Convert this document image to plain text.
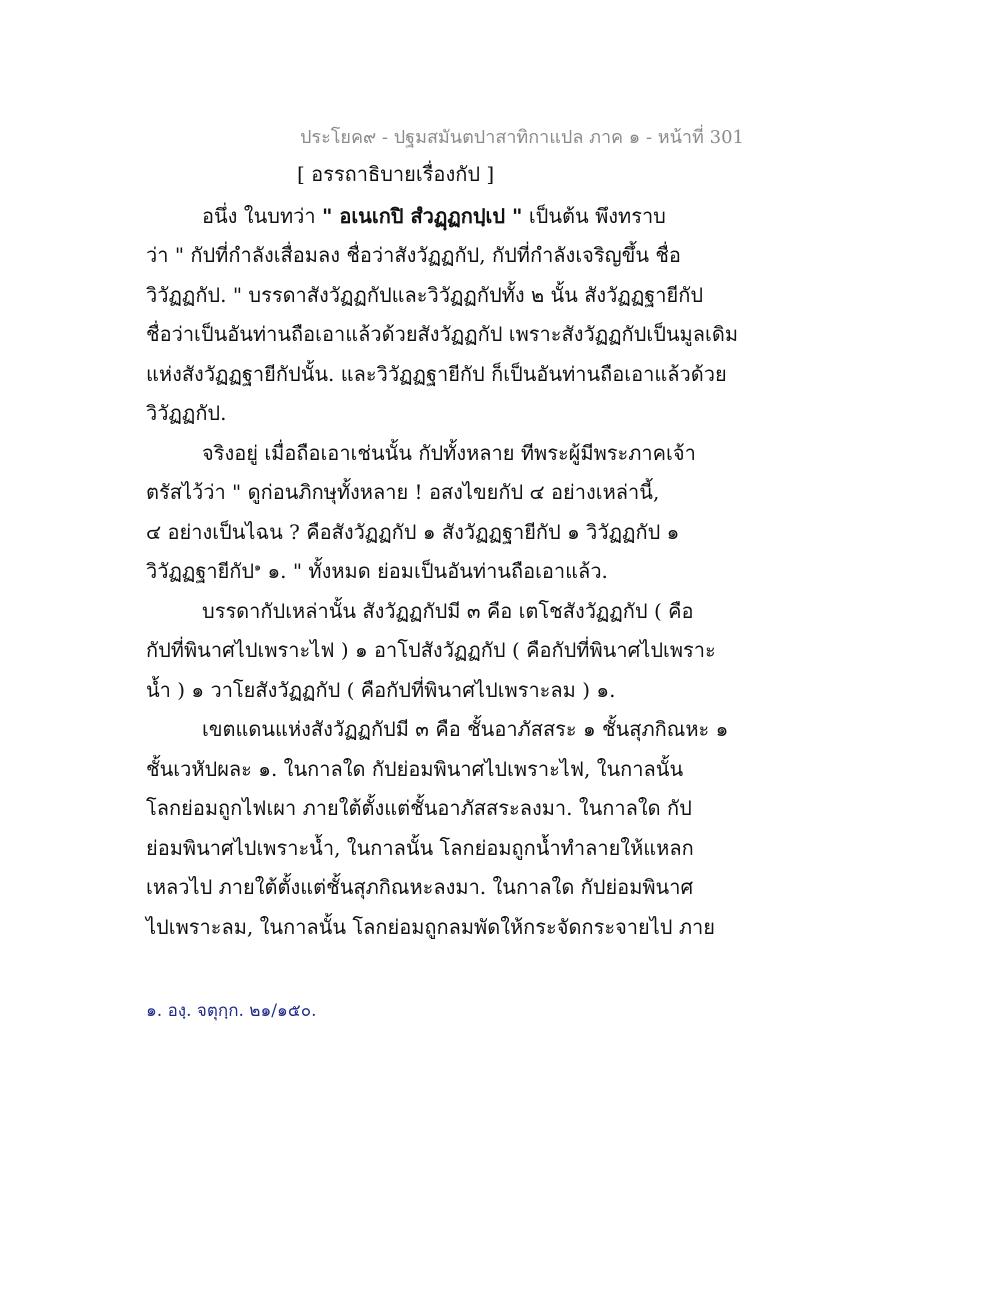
ประโยค๙ - ปฐมสมันตปาสาทิกาแปล ภาค ๑ - หน้าที่ 301
[ อรรถาธิบายเรื่องกัป ]
อนึ่ง ในบทว่า " อเนเกปิ สํวฏฺฏกปฺเป " เป็นต้น พึงทราบ
ว่า " กัปที่กำลังเสื่อมลง ชื่อว่าสังวัฏฏกัป, กัปที่กำลังเจริญขึ้น ชื่อ
วิวัฏฏกัป. " บรรดาสังวัฏฏกัปและวิวัฏฏกัปทั้ง ๒ นั้น สังวัฏฏฐายีกัป
ชื่อว่าเป็นอันท่านถือเอาแล้วด้วยสังวัฏฏกัป เพราะสังวัฏฏกัปเป็นมูลเดิม
แห่งสังวัฏฏฐายีกัปนั้น. และวิวัฏฏฐายีกัป ก็เป็นอันท่านถือเอาแล้วด้วย
วิวัฏฏกัป.
จริงอยู่ เมื่อถือเอาเช่นนั้น กัปทั้งหลาย ทีพระผู้มีพระภาคเจ้า
ตรัสไว้ว่า " ดูก่อนภิกษุทั้งหลาย ! อสงไขยกัป ๔ อย่างเหล่านี้,
๔ อย่างเป็นไฉน ? คือสังวัฏฏกัป ๑ สังวัฏฏฐายีกัป ๑ วิวัฏฏกัป ๑
วิวัฏฏฐายีกัป$^๑$ ๑. " ทั้งหมด ย่อมเป็นอันท่านถือเอาแล้ว.
บรรดากัปเหล่านั้น สังวัฏฏกัปมี ๓ คือ เตโชสังวัฏฏกัป ( คือ
กัปที่พินาศไปเพราะไฟ ) ๑ อาโปสังวัฏฏกัป ( คือกัปที่พินาศไปเพราะ
น้ำ ) ๑ วาโยสังวัฏฏกัป ( คือกัปที่พินาศไปเพราะลม ) ๑.
เขตแดนแห่งสังวัฏฏกัปมี ๓ คือ ชั้นอาภัสสระ ๑ ชั้นสุภกิณหะ ๑
ชั้นเวหัปผละ ๑. ในกาลใด กัปย่อมพินาศไปเพราะไฟ, ในกาลนั้น
โลกย่อมถูกไฟเผา ภายใต้ตั้งแต่ชั้นอาภัสสระลงมา. ในกาลใด กัป
ย่อมพินาศไปเพราะน้ำ, ในกาลนั้น โลกย่อมถูกน้ำทำลายให้แหลก
เหลวไป ภายใต้ตั้งแต่ชั้นสุภกิณหะลงมา. ในกาลใด กัปย่อมพินาศ
ไปเพราะลม, ในกาลนั้น โลกย่อมถูกลมพัดให้กระจัดกระจายไป ภาย
๑. องฺ. จตุกฺก. ๒๑/๑๕๐.
